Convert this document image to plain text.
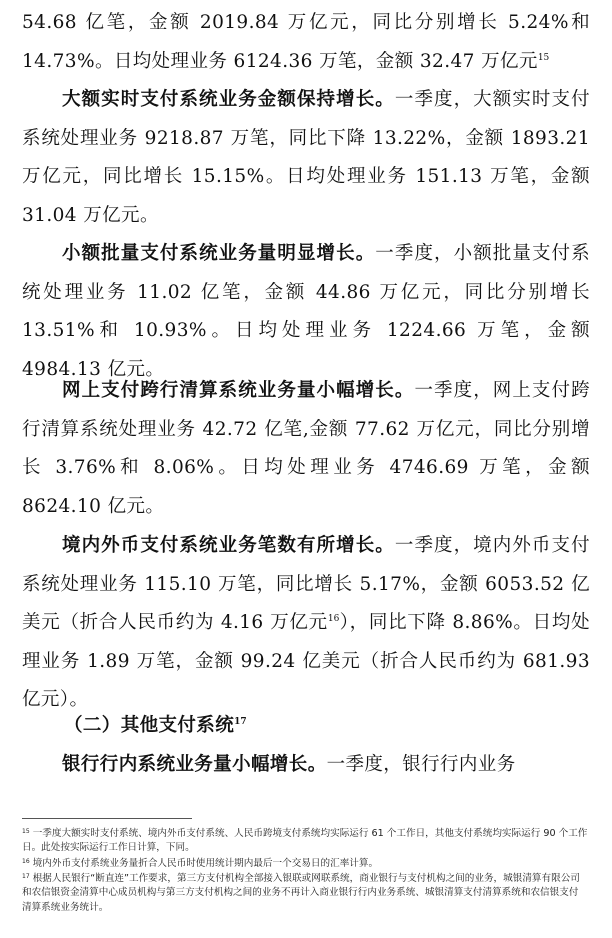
54.68 亿笔，金额 2019.84 万亿元，同比分别增长 5.24%和 14.73%。日均处理业务 6124.36 万笔，金额 32.47 万亿元$^{15}$

大额实时支付系统业务金额保持增长。一季度，大额实时支付系统处理业务 9218.87 万笔，同比下降 13.22%，金额 1893.21 万亿元，同比增长 15.15%。日均处理业务 151.13 万笔，金额 31.04 万亿元。

小额批量支付系统业务量明显增长。一季度，小额批量支付系统处理业务 11.02 亿笔，金额 44.86 万亿元，同比分别增长 13.51%和 10.93%。日均处理业务 1224.66 万笔，金额 4984.13 亿元。

网上支付跨行清算系统业务量小幅增长。一季度，网上支付跨行清算系统处理业务 42.72 亿笔,金额 77.62 万亿元，同比分别增长 3.76%和 8.06%。日均处理业务 4746.69 万笔，金额 8624.10 亿元。

境内外币支付系统业务笔数有所增长。一季度，境内外币支付系统处理业务 115.10 万笔，同比增长 5.17%，金额 6053.52 亿美元（折合人民币约为 4.16 万亿元$^{16}$），同比下降 8.86%。日均处理业务 1.89 万笔，金额 99.24 亿美元（折合人民币约为 681.93 亿元）。

（二）其他支付系统$^{17}$

银行行内系统业务量小幅增长。一季度，银行行内业务

$^{15}$ 一季度大额实时支付系统、境内外币支付系统、人民币跨境支付系统均实际运行 61 个工作日，其他支付系统均实际运行 90 个工作日。此处按实际运行工作日计算，下同。

$^{16}$ 境内外币支付系统业务量折合人民币时使用统计期内最后一个交易日的汇率计算。

$^{17}$ 根据人民银行“断直连”工作要求，第三方支付机构全部接入银联或网联系统，商业银行与支付机构之间的业务，城银清算有限公司和农信银资金清算中心成员机构与第三方支付机构之间的业务不再计入商业银行行内业务系统、城银清算支付清算系统和农信银支付清算系统业务统计。
